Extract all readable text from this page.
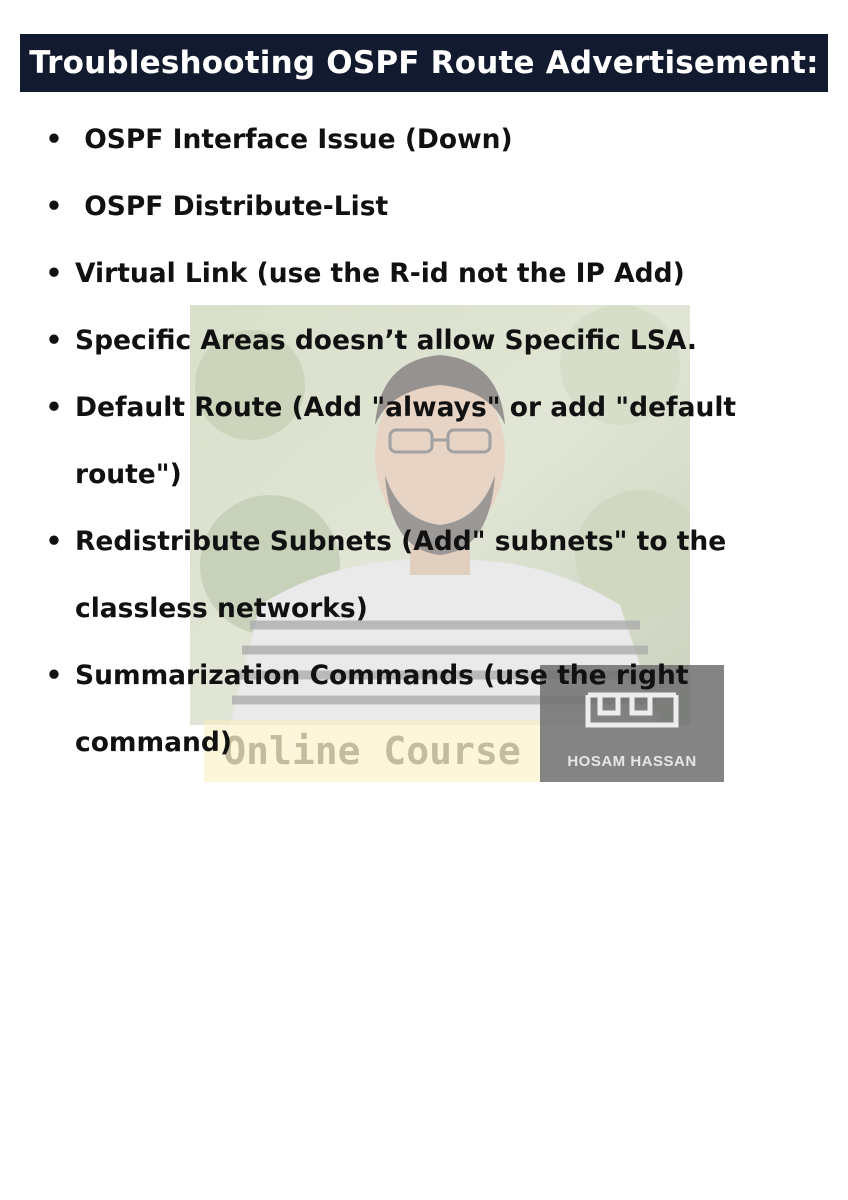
Troubleshooting OSPF Route Advertisement:
Online Course	HOSAM HASSAN
• OSPF Interface Issue (Down)
• OSPF Distribute-List
• Virtual Link (use the R-id not the IP Add)
• Specific Areas doesn’t allow Specific LSA.
• Default Route (Add "always" or add "default route")
• Redistribute Subnets (Add" subnets" to the classless networks)
• Summarization Commands (use the right command)
